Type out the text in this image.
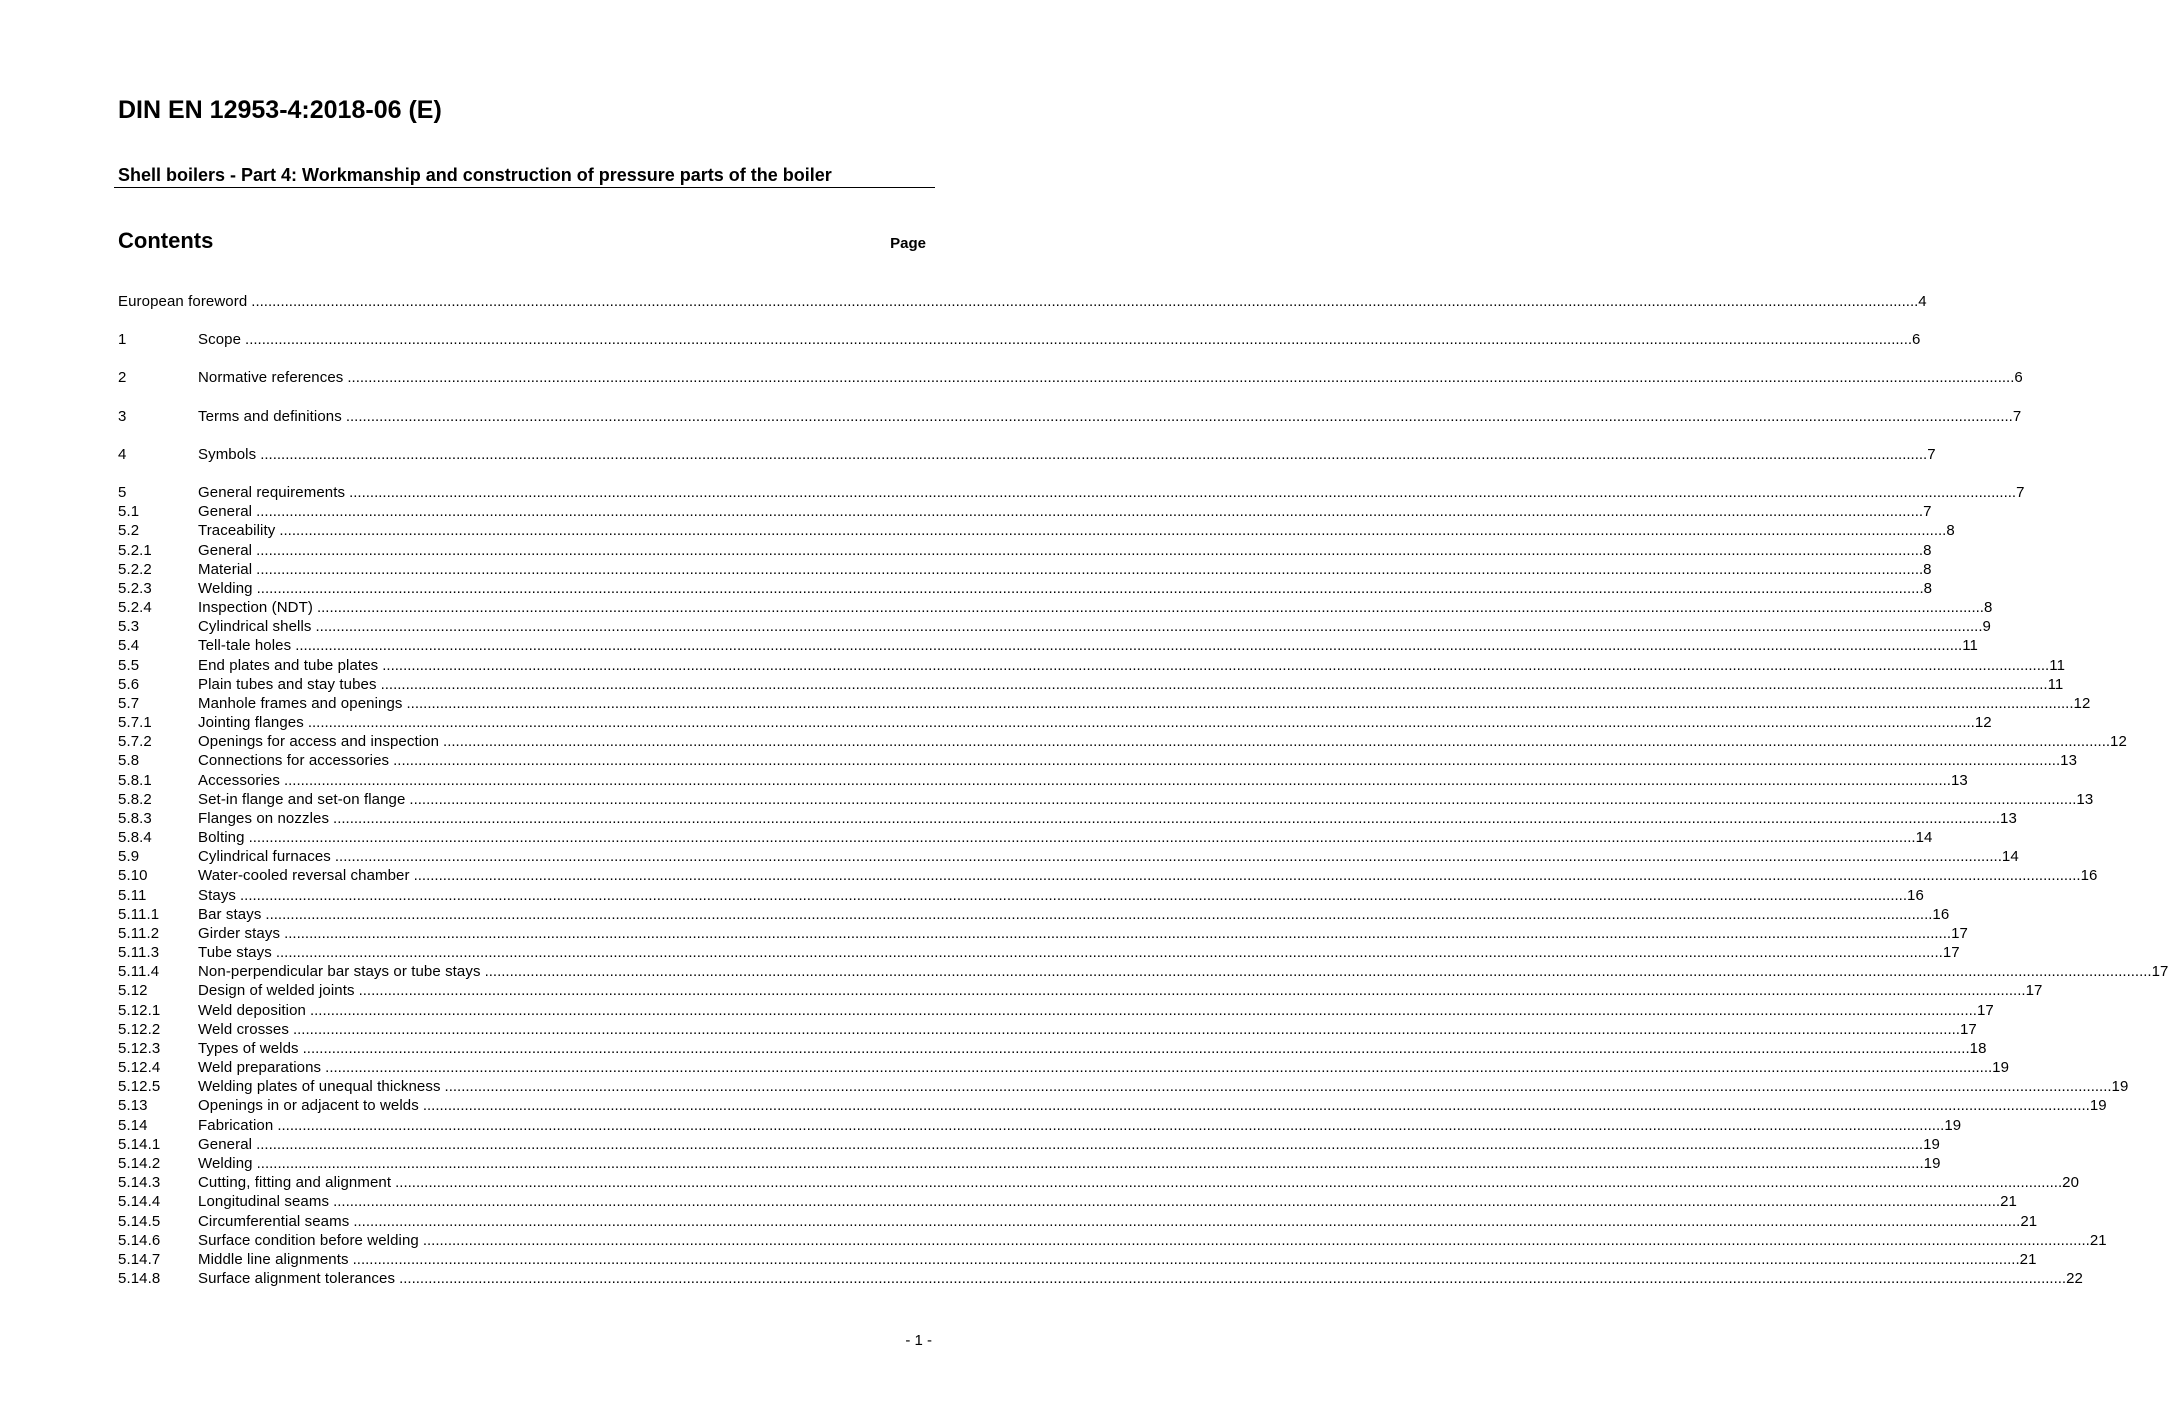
DIN EN 12953-4:2018-06 (E)
Shell boilers - Part 4: Workmanship and construction of pressure parts of the boiler
Contents	Page
European foreword ................................................................................................................................................................................................................................................................................................................................................................................................................ 4
1	Scope ................................................................................................................................................................................................................................................................................................................................................................................................................ 6
2	Normative references ................................................................................................................................................................................................................................................................................................................................................................................................................ 6
3	Terms and definitions ................................................................................................................................................................................................................................................................................................................................................................................................................ 7
4	Symbols ................................................................................................................................................................................................................................................................................................................................................................................................................ 7
5	General requirements ................................................................................................................................................................................................................................................................................................................................................................................................................ 7
5.1	General ................................................................................................................................................................................................................................................................................................................................................................................................................ 7
5.2	Traceability ................................................................................................................................................................................................................................................................................................................................................................................................................ 8
5.2.1	General ................................................................................................................................................................................................................................................................................................................................................................................................................ 8
5.2.2	Material ................................................................................................................................................................................................................................................................................................................................................................................................................ 8
5.2.3	Welding ................................................................................................................................................................................................................................................................................................................................................................................................................ 8
5.2.4	Inspection (NDT) ................................................................................................................................................................................................................................................................................................................................................................................................................ 8
5.3	Cylindrical shells ................................................................................................................................................................................................................................................................................................................................................................................................................ 9
5.4	Tell-tale holes ................................................................................................................................................................................................................................................................................................................................................................................................................ 11
5.5	End plates and tube plates ................................................................................................................................................................................................................................................................................................................................................................................................................ 11
5.6	Plain tubes and stay tubes ................................................................................................................................................................................................................................................................................................................................................................................................................ 11
5.7	Manhole frames and openings ................................................................................................................................................................................................................................................................................................................................................................................................................ 12
5.7.1	Jointing flanges ................................................................................................................................................................................................................................................................................................................................................................................................................ 12
5.7.2	Openings for access and inspection ................................................................................................................................................................................................................................................................................................................................................................................................................ 12
5.8	Connections for accessories ................................................................................................................................................................................................................................................................................................................................................................................................................ 13
5.8.1	Accessories ................................................................................................................................................................................................................................................................................................................................................................................................................ 13
5.8.2	Set-in flange and set-on flange ................................................................................................................................................................................................................................................................................................................................................................................................................ 13
5.8.3	Flanges on nozzles ................................................................................................................................................................................................................................................................................................................................................................................................................ 13
5.8.4	Bolting ................................................................................................................................................................................................................................................................................................................................................................................................................ 14
5.9	Cylindrical furnaces ................................................................................................................................................................................................................................................................................................................................................................................................................ 14
5.10	Water-cooled reversal chamber ................................................................................................................................................................................................................................................................................................................................................................................................................ 16
5.11	Stays ................................................................................................................................................................................................................................................................................................................................................................................................................ 16
5.11.1	Bar stays ................................................................................................................................................................................................................................................................................................................................................................................................................ 16
5.11.2	Girder stays ................................................................................................................................................................................................................................................................................................................................................................................................................ 17
5.11.3	Tube stays ................................................................................................................................................................................................................................................................................................................................................................................................................ 17
5.11.4	Non-perpendicular bar stays or tube stays ................................................................................................................................................................................................................................................................................................................................................................................................................ 17
5.12	Design of welded joints ................................................................................................................................................................................................................................................................................................................................................................................................................ 17
5.12.1	Weld deposition ................................................................................................................................................................................................................................................................................................................................................................................................................ 17
5.12.2	Weld crosses ................................................................................................................................................................................................................................................................................................................................................................................................................ 17
5.12.3	Types of welds ................................................................................................................................................................................................................................................................................................................................................................................................................ 18
5.12.4	Weld preparations ................................................................................................................................................................................................................................................................................................................................................................................................................ 19
5.12.5	Welding plates of unequal thickness ................................................................................................................................................................................................................................................................................................................................................................................................................ 19
5.13	Openings in or adjacent to welds ................................................................................................................................................................................................................................................................................................................................................................................................................ 19
5.14	Fabrication ................................................................................................................................................................................................................................................................................................................................................................................................................ 19
5.14.1	General ................................................................................................................................................................................................................................................................................................................................................................................................................ 19
5.14.2	Welding ................................................................................................................................................................................................................................................................................................................................................................................................................ 19
5.14.3	Cutting, fitting and alignment ................................................................................................................................................................................................................................................................................................................................................................................................................ 20
5.14.4	Longitudinal seams ................................................................................................................................................................................................................................................................................................................................................................................................................ 21
5.14.5	Circumferential seams ................................................................................................................................................................................................................................................................................................................................................................................................................ 21
5.14.6	Surface condition before welding ................................................................................................................................................................................................................................................................................................................................................................................................................ 21
5.14.7	Middle line alignments ................................................................................................................................................................................................................................................................................................................................................................................................................ 21
5.14.8	Surface alignment tolerances ................................................................................................................................................................................................................................................................................................................................................................................................................ 22
- 1 -
